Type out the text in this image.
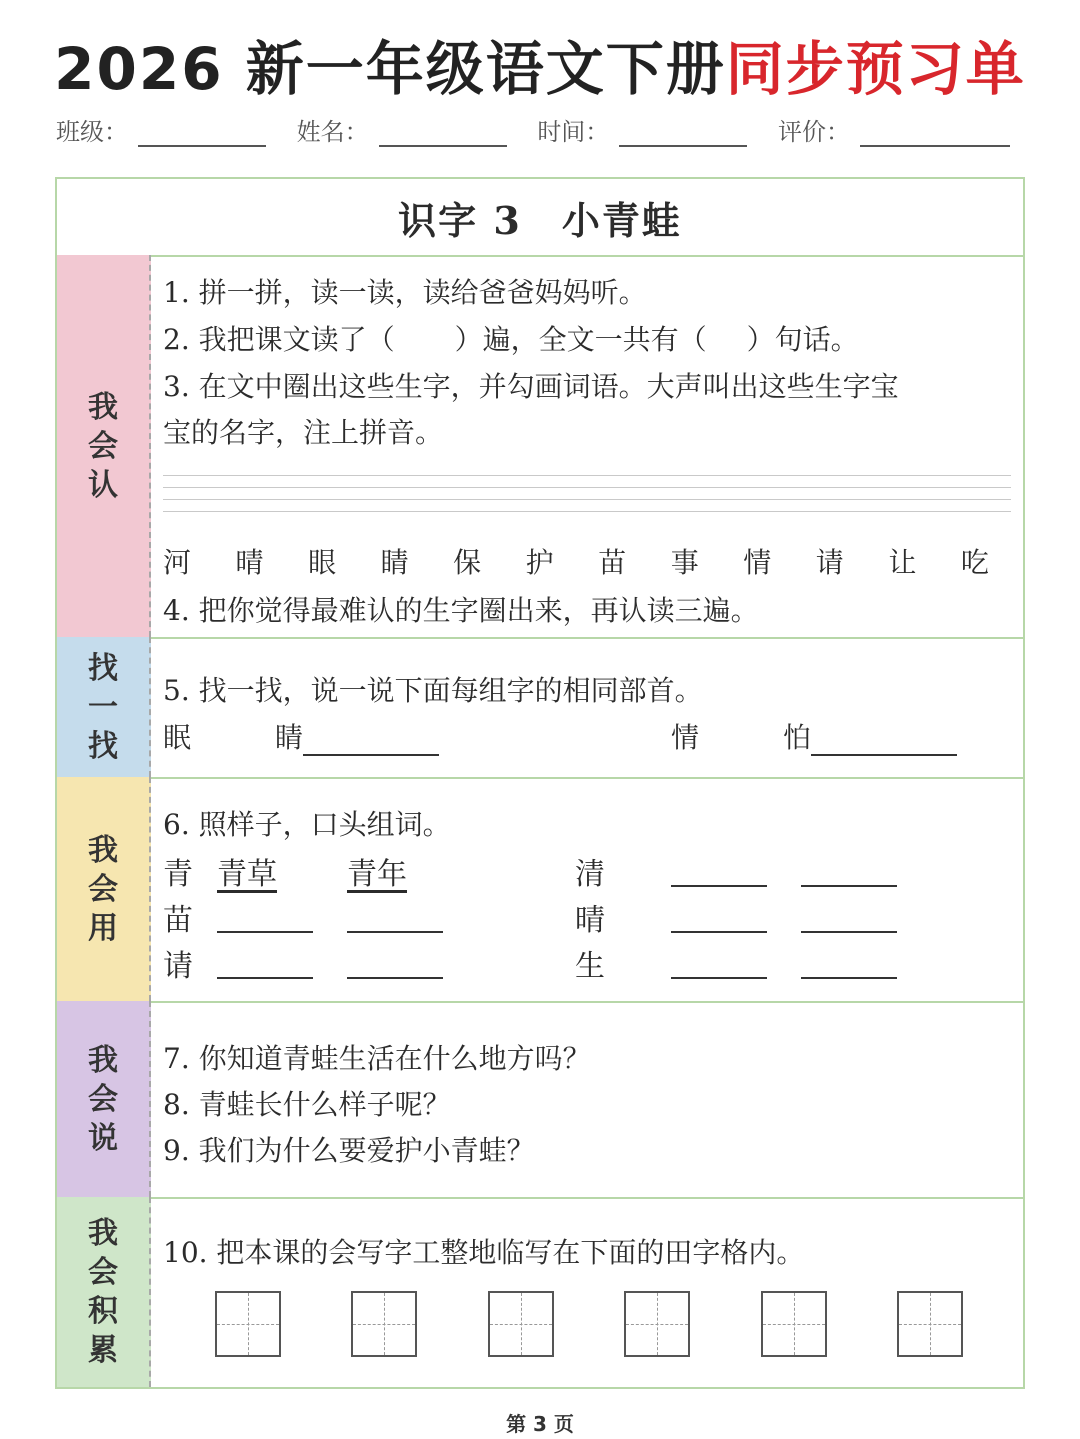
2026 新一年级语文下册同步预习单
班级：	姓名：	时间：	评价：
识字 3 小青蛙
我
会
认
1. 拼一拼，读一读，读给爸爸妈妈听。
2. 我把课文读了（ ）遍，全文一共有（ ）句话。
3. 在文中圈出这些生字，并勾画词语。大声叫出这些生字宝
宝的名字，注上拼音。
河 晴 眼 睛 保 护 苗 事 情 请 让 吃
4. 把你觉得最难认的生字圈出来，再认读三遍。
找
一
找
5. 找一找，说一说下面每组字的相同部首。
眠	睛	情	怕
我
会
用
6. 照样子，口头组词。
青 青草 青年	清
苗	晴
请	生
我
会
说
7. 你知道青蛙生活在什么地方吗？
8. 青蛙长什么样子呢？
9. 我们为什么要爱护小青蛙？
我
会
积
累
10. 把本课的会写字工整地临写在下面的田字格内。
第 3 页
